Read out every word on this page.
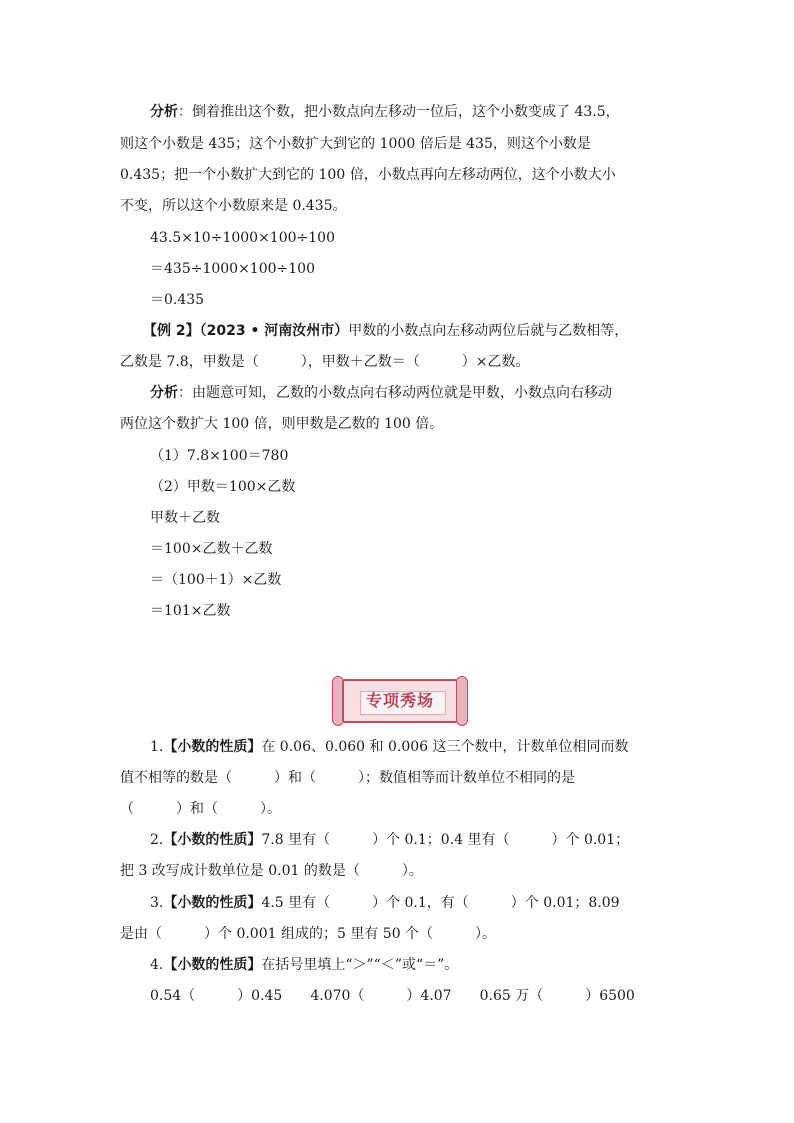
分析：倒着推出这个数，把小数点向左移动一位后，这个小数变成了 43.5，
则这个小数是 435；这个小数扩大到它的 1000 倍后是 435，则这个小数是
0.435；把一个小数扩大到它的 100 倍，小数点再向左移动两位，这个小数大小
不变，所以这个小数原来是 0.435。
43.5×10÷1000×100÷100
＝435÷1000×100÷100
＝0.435
【例 2】（2023 • 河南汝州市）甲数的小数点向左移动两位后就与乙数相等，
乙数是 7.8，甲数是（　　　），甲数＋乙数＝（　　　）×乙数。
分析：由题意可知，乙数的小数点向右移动两位就是甲数，小数点向右移动
两位这个数扩大 100 倍，则甲数是乙数的 100 倍。
（1）7.8×100＝780
（2）甲数＝100×乙数
甲数＋乙数
＝100×乙数＋乙数
＝（100＋1）×乙数
＝101×乙数
专项秀场
1.【小数的性质】在 0.06、0.060 和 0.006 这三个数中，计数单位相同而数
值不相等的数是（　　　）和（　　　）；数值相等而计数单位不相同的是
（　　　）和（　　　）。
2.【小数的性质】7.8 里有（　　　）个 0.1；0.4 里有（　　　）个 0.01；
把 3 改写成计数单位是 0.01 的数是（　　　）。
3.【小数的性质】4.5 里有（　　　）个 0.1，有（　　　）个 0.01；8.09
是由（　　　）个 0.001 组成的；5 里有 50 个（　　　）。
4.【小数的性质】在括号里填上“＞”“＜”或“＝”。
0.54（　　　）0.45　　4.070（　　　）4.07　　0.65 万（　　　）6500
